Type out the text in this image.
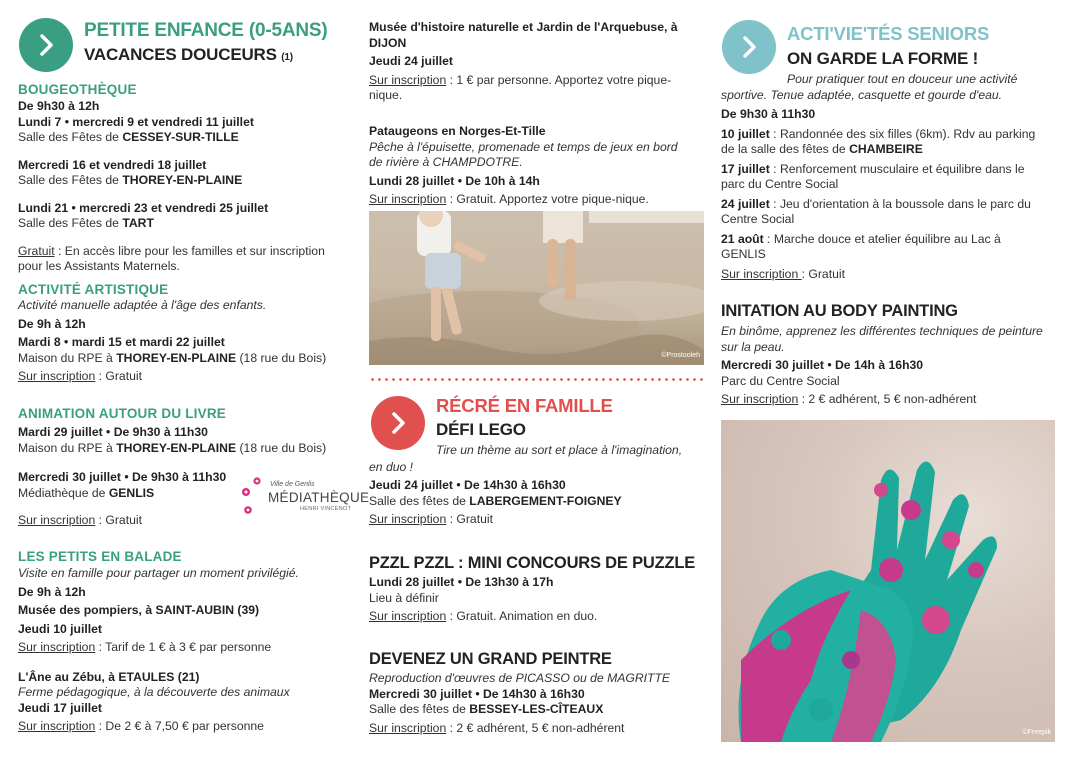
PETITE ENFANCE (0-5ANS)
VACANCES DOUCEURS (1)
BOUGEOTHÈQUE
De 9h30 à 12h
Lundi 7 • mercredi 9 et vendredi 11 juillet
Salle des Fêtes de CESSEY-SUR-TILLE
Mercredi 16 et vendredi 18 juillet
Salle des Fêtes de THOREY-EN-PLAINE
Lundi 21 • mercredi 23 et vendredi 25 juillet
Salle des Fêtes de TART
Gratuit : En accès libre pour les familles et sur inscription
pour les Assistants Maternels.
ACTIVITÉ ARTISTIQUE
Activité manuelle adaptée à l'âge des enfants.
De 9h à 12h
Mardi 8 • mardi 15 et mardi 22 juillet
Maison du RPE à THOREY-EN-PLAINE (18 rue du Bois)
Sur inscription : Gratuit
ANIMATION AUTOUR DU LIVRE
Mardi 29 juillet • De 9h30 à 11h30
Maison du RPE à THOREY-EN-PLAINE (18 rue du Bois)
Mercredi 30 juillet • De 9h30 à 11h30
Médiathèque de GENLIS
Sur inscription : Gratuit
Ville de Genlis
MÉDIATHÈQUE
HENRI VINCENOT
LES PETITS EN BALADE
Visite en famille pour partager un moment privilégié.
De 9h à 12h
Musée des pompiers, à SAINT-AUBIN (39)
Jeudi 10 juillet
Sur inscription : Tarif de 1 € à 3 € par personne
L'Âne au Zébu, à ETAULES (21)
Ferme pédagogique, à la découverte des animaux
Jeudi 17 juillet
Sur inscription : De 2 € à 7,50 € par personne
Musée d'histoire naturelle et Jardin de l'Arquebuse, à
DIJON
Jeudi 24 juillet
Sur inscription : 1 € par personne. Apportez votre pique-
nique.
Pataugeons en Norges-Et-Tille
Pêche à l'épuisette, promenade et temps de jeux en bord
de rivière à CHAMPDOTRE.
Lundi 28 juillet • De 10h à 14h
Sur inscription : Gratuit. Apportez votre pique-nique.
©Prostooleh
RÉCRÉ EN FAMILLE
DÉFI LEGO
Tire un thème au sort et place à l'imagination,
en duo !
Jeudi 24 juillet • De 14h30 à 16h30
Salle des fêtes de LABERGEMENT-FOIGNEY
Sur inscription : Gratuit
PZZL PZZL : MINI CONCOURS DE PUZZLE
Lundi 28 juillet • De 13h30 à 17h
Lieu à définir
Sur inscription : Gratuit. Animation en duo.
DEVENEZ UN GRAND PEINTRE
Reproduction d'œuvres de PICASSO ou de MAGRITTE
Mercredi 30 juillet • De 14h30 à 16h30
Salle des fêtes de BESSEY-LES-CÎTEAUX
Sur inscription : 2 € adhérent, 5 € non-adhérent
ACTI'VIE'TÉS SENIORS
ON GARDE LA FORME !
Pour pratiquer tout en douceur une activité
sportive. Tenue adaptée, casquette et gourde d'eau.
De 9h30 à 11h30
10 juillet : Randonnée des six filles (6km). Rdv au parking
de la salle des fêtes de CHAMBEIRE
17 juillet : Renforcement musculaire et équilibre dans le
parc du Centre Social
24 juillet : Jeu d'orientation à la boussole dans le parc du
Centre Social
21 août : Marche douce et atelier équilibre au Lac à
GENLIS
Sur inscription : Gratuit
INITATION AU BODY PAINTING
En binôme, apprenez les différentes techniques de peinture
sur la peau.
Mercredi 30 juillet • De 14h à 16h30
Parc du Centre Social
Sur inscription : 2 € adhérent, 5 € non-adhérent
©Freepik
